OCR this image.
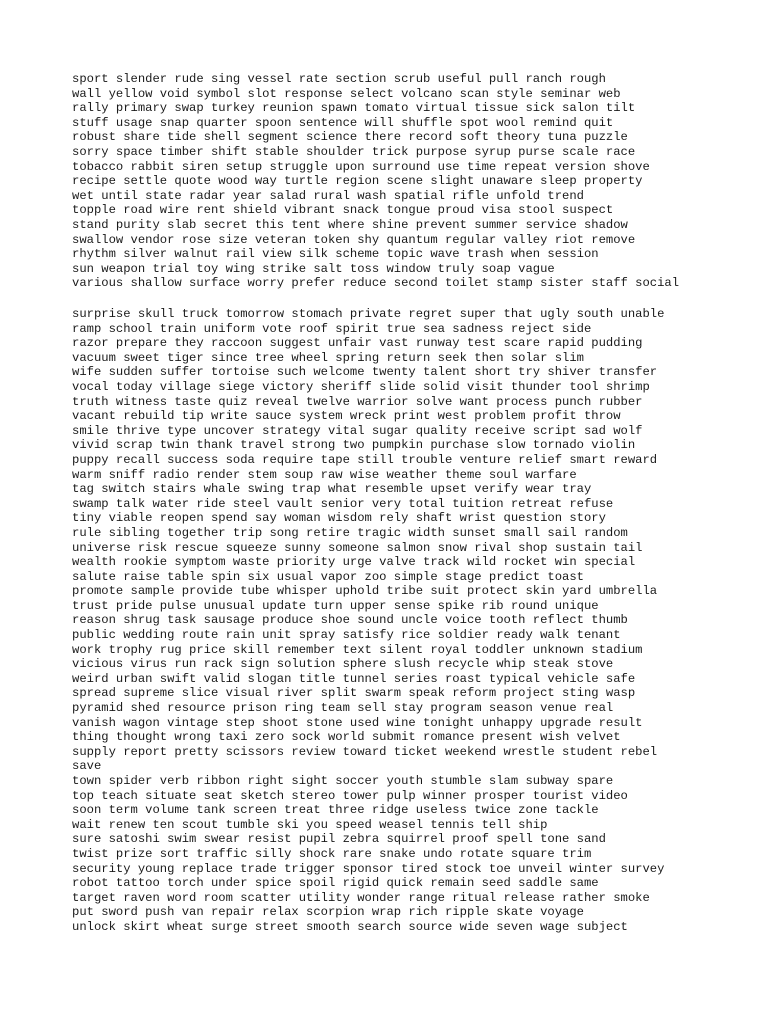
sport slender rude sing vessel rate section scrub useful pull ranch rough
wall yellow void symbol slot response select volcano scan style seminar web
rally primary swap turkey reunion spawn tomato virtual tissue sick salon tilt
stuff usage snap quarter spoon sentence will shuffle spot wool remind quit
robust share tide shell segment science there record soft theory tuna puzzle
sorry space timber shift stable shoulder trick purpose syrup purse scale race
tobacco rabbit siren setup struggle upon surround use time repeat version shove
recipe settle quote wood way turtle region scene slight unaware sleep property
wet until state radar year salad rural wash spatial rifle unfold trend
topple road wire rent shield vibrant snack tongue proud visa stool suspect
stand purity slab secret this tent where shine prevent summer service shadow
swallow vendor rose size veteran token shy quantum regular valley riot remove
rhythm silver walnut rail view silk scheme topic wave trash when session
sun weapon trial toy wing strike salt toss window truly soap vague
various shallow surface worry prefer reduce second toilet stamp sister staff social
surprise skull truck tomorrow stomach private regret super that ugly south unable
ramp school train uniform vote roof spirit true sea sadness reject side
razor prepare they raccoon suggest unfair vast runway test scare rapid pudding
vacuum sweet tiger since tree wheel spring return seek then solar slim
wife sudden suffer tortoise such welcome twenty talent short try shiver transfer
vocal today village siege victory sheriff slide solid visit thunder tool shrimp
truth witness taste quiz reveal twelve warrior solve want process punch rubber
vacant rebuild tip write sauce system wreck print west problem profit throw
smile thrive type uncover strategy vital sugar quality receive script sad wolf
vivid scrap twin thank travel strong two pumpkin purchase slow tornado violin
puppy recall success soda require tape still trouble venture relief smart reward
warm sniff radio render stem soup raw wise weather theme soul warfare
tag switch stairs whale swing trap what resemble upset verify wear tray
swamp talk water ride steel vault senior very total tuition retreat refuse
tiny viable reopen spend say woman wisdom rely shaft wrist question story
rule sibling together trip song retire tragic width sunset small sail random
universe risk rescue squeeze sunny someone salmon snow rival shop sustain tail
wealth rookie symptom waste priority urge valve track wild rocket win special
salute raise table spin six usual vapor zoo simple stage predict toast
promote sample provide tube whisper uphold tribe suit protect skin yard umbrella
trust pride pulse unusual update turn upper sense spike rib round unique
reason shrug task sausage produce shoe sound uncle voice tooth reflect thumb
public wedding route rain unit spray satisfy rice soldier ready walk tenant
work trophy rug price skill remember text silent royal toddler unknown stadium
vicious virus run rack sign solution sphere slush recycle whip steak stove
weird urban swift valid slogan title tunnel series roast typical vehicle safe
spread supreme slice visual river split swarm speak reform project sting wasp
pyramid shed resource prison ring team sell stay program season venue real
vanish wagon vintage step shoot stone used wine tonight unhappy upgrade result
thing thought wrong taxi zero sock world submit romance present wish velvet
supply report pretty scissors review toward ticket weekend wrestle student rebel
save
town spider verb ribbon right sight soccer youth stumble slam subway spare
top teach situate seat sketch stereo tower pulp winner prosper tourist video
soon term volume tank screen treat three ridge useless twice zone tackle
wait renew ten scout tumble ski you speed weasel tennis tell ship
sure satoshi swim swear resist pupil zebra squirrel proof spell tone sand
twist prize sort traffic silly shock rare snake undo rotate square trim
security young replace trade trigger sponsor tired stock toe unveil winter survey
robot tattoo torch under spice spoil rigid quick remain seed saddle same
target raven word room scatter utility wonder range ritual release rather smoke
put sword push van repair relax scorpion wrap rich ripple skate voyage
unlock skirt wheat surge street smooth search source wide seven wage subject
